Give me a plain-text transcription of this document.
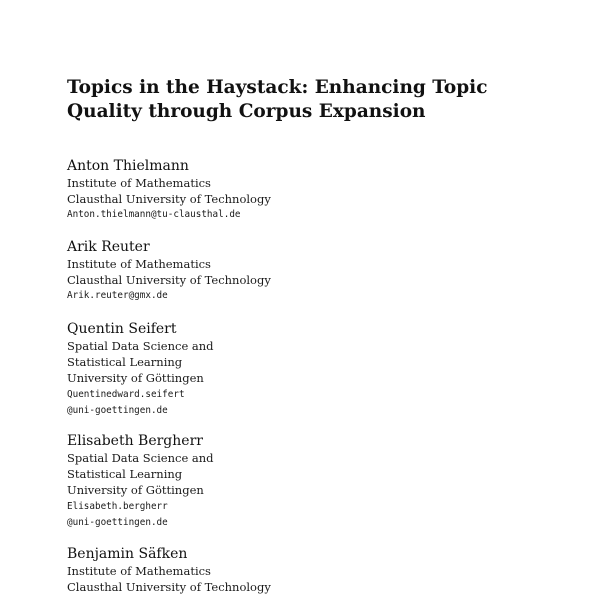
Topics in the Haystack: Enhancing Topic
Quality through Corpus Expansion
Anton Thielmann
Institute of Mathematics
Clausthal University of Technology
Anton.thielmann@tu-clausthal.de
Arik Reuter
Institute of Mathematics
Clausthal University of Technology
Arik.reuter@gmx.de
Quentin Seifert
Spatial Data Science and
Statistical Learning
University of Göttingen
Quentinedward.seifert
@uni-goettingen.de
Elisabeth Bergherr
Spatial Data Science and
Statistical Learning
University of Göttingen
Elisabeth.bergherr
@uni-goettingen.de
Benjamin Säfken
Institute of Mathematics
Clausthal University of Technology
